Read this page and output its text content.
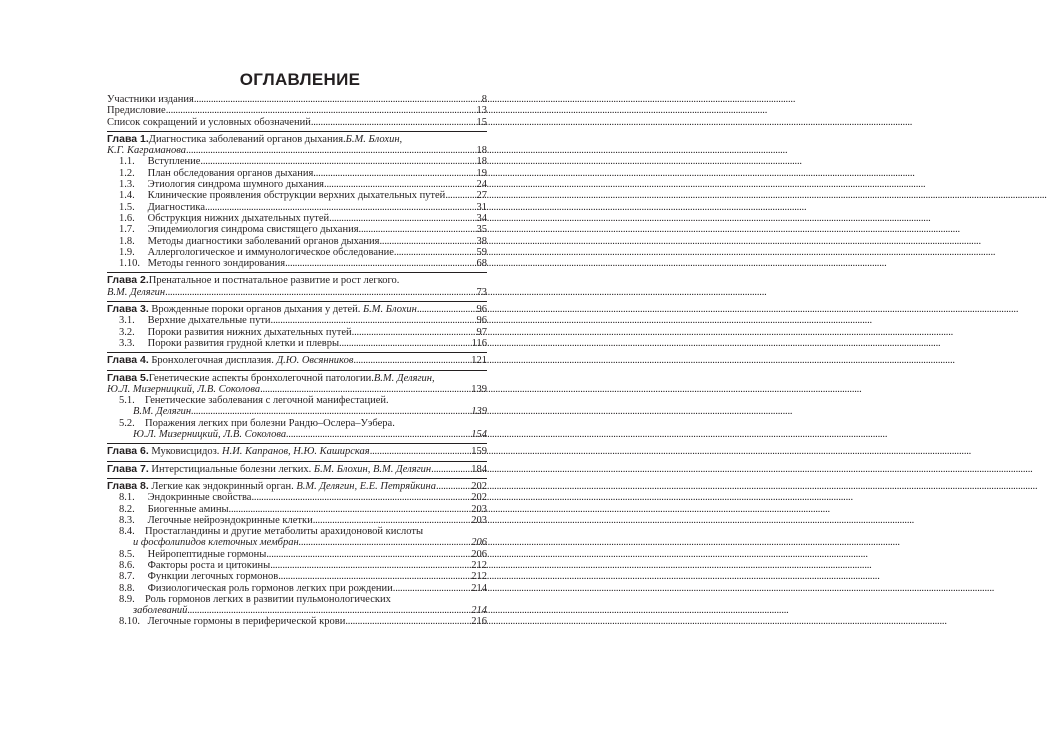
ОГЛАВЛЕНИЕ
Участники издания .....	8
Предисловие .....	13
Список сокращений и условных обозначений .....	15
Глава 1. Диагностика заболеваний органов дыхания. Б.М. Блохин,
К.Г. Каграманова .....	18
1.1. Вступление .....	18
1.2. План обследования органов дыхания .....	19
1.3. Этиология синдрома шумного дыхания .....	24
1.4. Клинические проявления обструкции верхних дыхательных путей .....	27
1.5. Диагностика .....	31
1.6. Обструкция нижних дыхательных путей .....	34
1.7. Эпидемиология синдрома свистящего дыхания .....	35
1.8. Методы диагностики заболеваний органов дыхания .....	38
1.9. Аллергологическое и иммунологическое обследование .....	59
1.10. Методы генного зондирования .....	68
Глава 2. Пренатальное и постнатальное развитие и рост легкого.
В.М. Делягин .....	73
Глава 3. Врожденные пороки органов дыхания у детей. Б.М. Блохин .....	96
3.1. Верхние дыхательные пути .....	96
3.2. Пороки развития нижних дыхательных путей .....	97
3.3. Пороки развития грудной клетки и плевры .....	116
Глава 4. Бронхолегочная дисплазия. Д.Ю. Овсянников .....	121
Глава 5. Генетические аспекты бронхолегочной патологии. В.М. Делягин,
Ю.Л. Мизерницкий, Л.В. Соколова .....	139
5.1. Генетические заболевания с легочной манифестацией.
В.М. Делягин .....	139
5.2. Поражения легких при болезни Рандю–Ослера–Уэбера.
Ю.Л. Мизерницкий, Л.В. Соколова .....	154
Глава 6. Муковисцидоз. Н.И. Капранов, Н.Ю. Каширская .....	159
Глава 7. Интерстициальные болезни легких. Б.М. Блохин, В.М. Делягин .....	184
Глава 8. Легкие как эндокринный орган. В.М. Делягин, Е.Е. Петряйкина .....	202
8.1. Эндокринные свойства .....	202
8.2. Биогенные амины .....	203
8.3. Легочные нейроэндокринные клетки .....	203
8.4. Простагландины и другие метаболиты арахидоновой кислоты
и фосфолипидов клеточных мембран .....	206
8.5. Нейропептидные гормоны .....	206
8.6. Факторы роста и цитокины .....	212
8.7. Функции легочных гормонов .....	212
8.8. Физиологическая роль гормонов легких при рождении .....	214
8.9. Роль гормонов легких в развитии пульмонологических
заболеваний .....	214
8.10. Легочные гормоны в периферической крови .....	216
